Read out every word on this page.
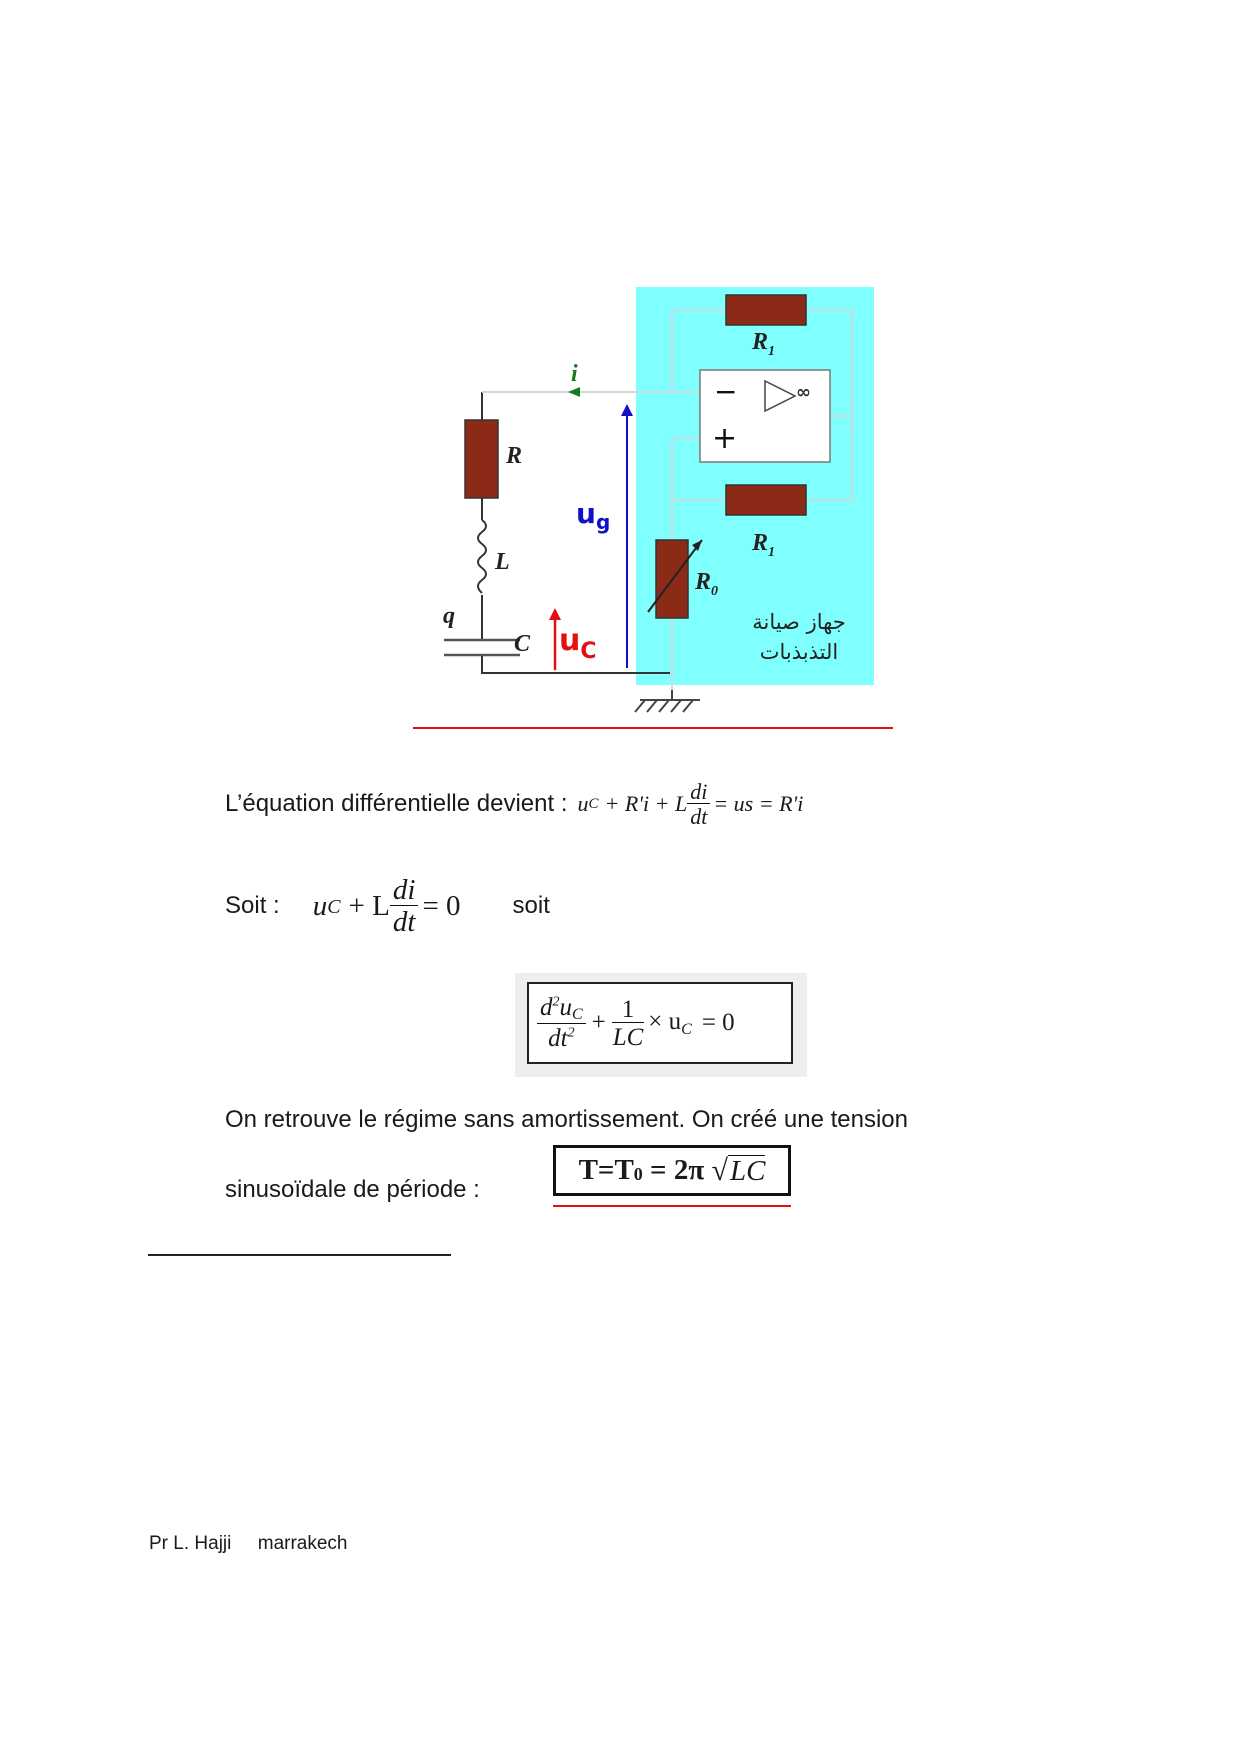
i
R
L
q
C
$u_g$
$u_C$
$R_1$
$R_1$
$R_0$
−
+
∞
جهاز صيانة
التذبذبات
L’équation différentielle devient : u C + R'i + L $\frac{di}{dt}$ = us = R'i
Soit : u C + L $\frac{di}{dt} = 0$ soit
$\frac{d^2uC}{dt^2} + \frac{1}{LC} \times u_C = 0$
On retrouve le régime sans amortissement. On créé une tension
sinusoïdale de période :
T=T 0 = 2π √ LC
Pr L. Hajji     marrakech
